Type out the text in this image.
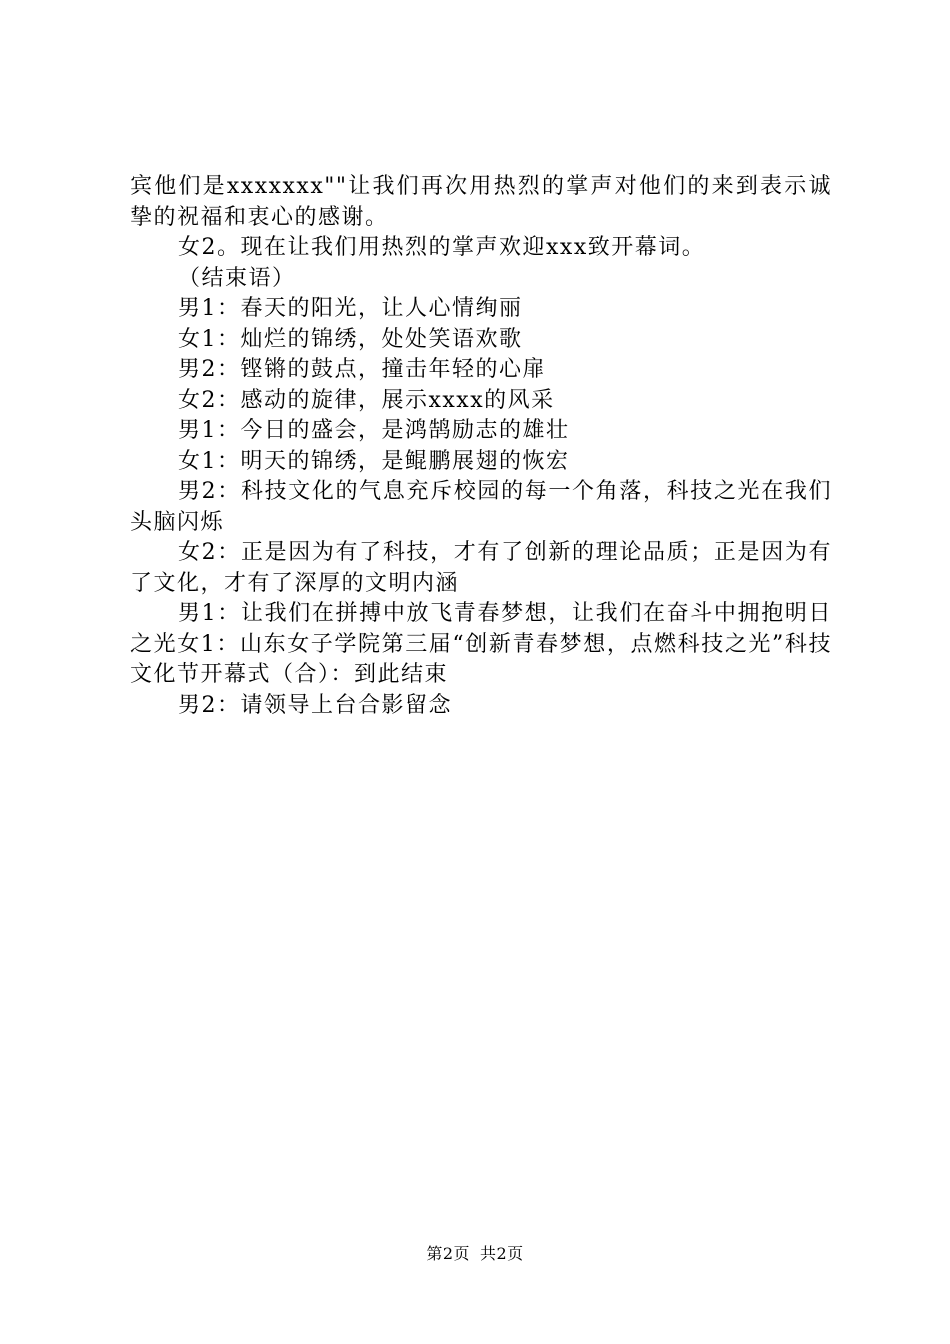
宾他们是xxxxxxx""让我们再次用热烈的掌声对他们的来到表示诚挚的祝福和衷心的感谢。

女2。现在让我们用热烈的掌声欢迎xxx致开幕词。

（结束语）

男1：春天的阳光，让人心情绚丽

女1：灿烂的锦绣，处处笑语欢歌

男2：铿锵的鼓点，撞击年轻的心扉

女2：感动的旋律，展示xxxx的风采

男1：今日的盛会，是鸿鹄励志的雄壮

女1：明天的锦绣，是鲲鹏展翅的恢宏

男2：科技文化的气息充斥校园的每一个角落，科技之光在我们头脑闪烁

女2：正是因为有了科技，才有了创新的理论品质；正是因为有了文化，才有了深厚的文明内涵

男1：让我们在拼搏中放飞青春梦想，让我们在奋斗中拥抱明日之光女1：山东女子学院第三届“创新青春梦想，点燃科技之光”科技文化节开幕式（合）：到此结束

男2：请领导上台合影留念

第2页 共2页
